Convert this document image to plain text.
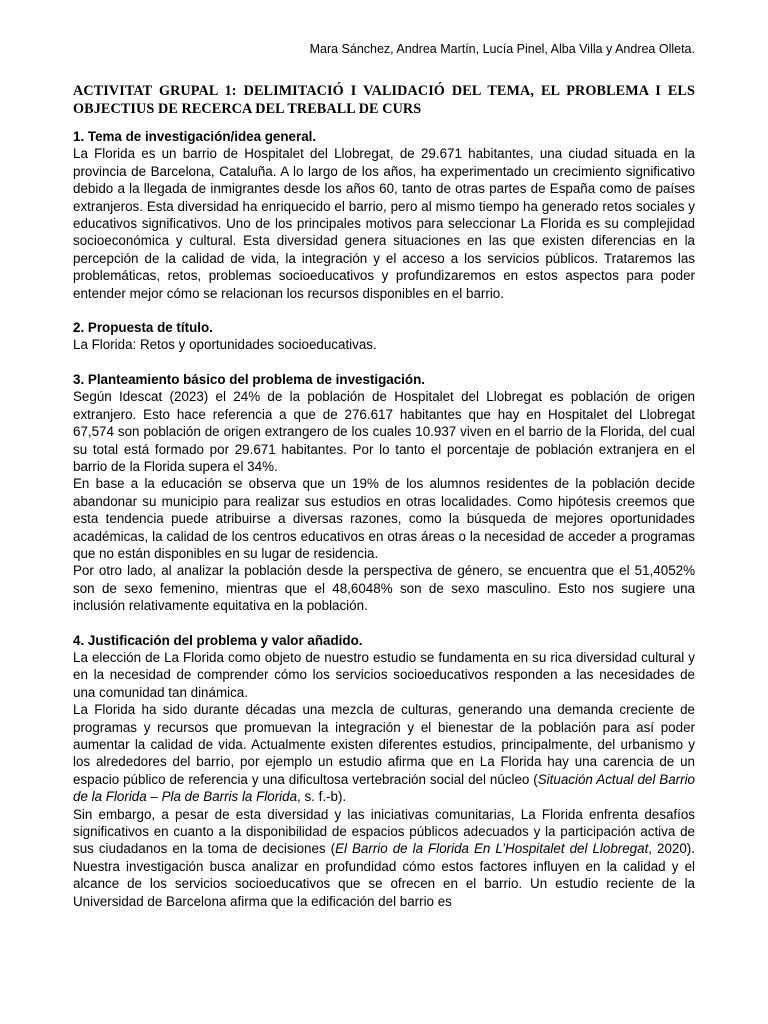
Mara Sánchez, Andrea Martín, Lucía Pinel, Alba Villa y Andrea Olleta.

ACTIVITAT GRUPAL 1: DELIMITACIÓ I VALIDACIÓ DEL TEMA, EL PROBLEMA I ELS OBJECTIUS DE RECERCA DEL TREBALL DE CURS

1. Tema de investigación/idea general.

La Florida es un barrio de Hospitalet del Llobregat, de 29.671 habitantes, una ciudad situada en la provincia de Barcelona, Cataluña. A lo largo de los años, ha experimentado un crecimiento significativo debido a la llegada de inmigrantes desde los años 60, tanto de otras partes de España como de países extranjeros. Esta diversidad ha enriquecido el barrio, pero al mismo tiempo ha generado retos sociales y educativos significativos. Uno de los principales motivos para seleccionar La Florida es su complejidad socioeconómica y cultural. Esta diversidad genera situaciones en las que existen diferencias en la percepción de la calidad de vida, la integración y el acceso a los servicios públicos. Trataremos las problemáticas, retos, problemas socioeducativos y profundizaremos en estos aspectos para poder entender mejor cómo se relacionan los recursos disponibles en el barrio.

2. Propuesta de título.

La Florida: Retos y oportunidades socioeducativas.

3. Planteamiento básico del problema de investigación.

Según Idescat (2023) el 24% de la población de Hospitalet del Llobregat es población de origen extranjero. Esto hace referencia a que de 276.617 habitantes que hay en Hospitalet del Llobregat 67,574 son población de origen extrangero de los cuales 10.937 viven en el barrio de la Florida, del cual su total está formado por 29.671 habitantes. Por lo tanto el porcentaje de población extranjera en el barrio de la Florida supera el 34%.

En base a la educación se observa que un 19% de los alumnos residentes de la población decide abandonar su municipio para realizar sus estudios en otras localidades. Como hipótesis creemos que esta tendencia puede atribuirse a diversas razones, como la búsqueda de mejores oportunidades académicas, la calidad de los centros educativos en otras áreas o la necesidad de acceder a programas que no están disponibles en su lugar de residencia.

Por otro lado, al analizar la población desde la perspectiva de género, se encuentra que el 51,4052% son de sexo femenino, mientras que el 48,6048% son de sexo masculino. Esto nos sugiere una inclusión relativamente equitativa en la población.

4. Justificación del problema y valor añadido.

La elección de La Florida como objeto de nuestro estudio se fundamenta en su rica diversidad cultural y en la necesidad de comprender cómo los servicios socioeducativos responden a las necesidades de una comunidad tan dinámica.

La Florida ha sido durante décadas una mezcla de culturas, generando una demanda creciente de programas y recursos que promuevan la integración y el bienestar de la población para así poder aumentar la calidad de vida. Actualmente existen diferentes estudios, principalmente, del urbanismo y los alrededores del barrio, por ejemplo un estudio afirma que en La Florida hay una carencia de un espacio público de referencia y una dificultosa vertebración social del núcleo (Situación Actual del Barrio de la Florida – Pla de Barris la Florida, s. f.-b).

Sin embargo, a pesar de esta diversidad y las iniciativas comunitarias, La Florida enfrenta desafíos significativos en cuanto a la disponibilidad de espacios públicos adecuados y la participación activa de sus ciudadanos en la toma de decisiones (El Barrio de la Florida En L’Hospitalet del Llobregat, 2020). Nuestra investigación busca analizar en profundidad cómo estos factores influyen en la calidad y el alcance de los servicios socioeducativos que se ofrecen en el barrio. Un estudio reciente de la Universidad de Barcelona afirma que la edificación del barrio es
